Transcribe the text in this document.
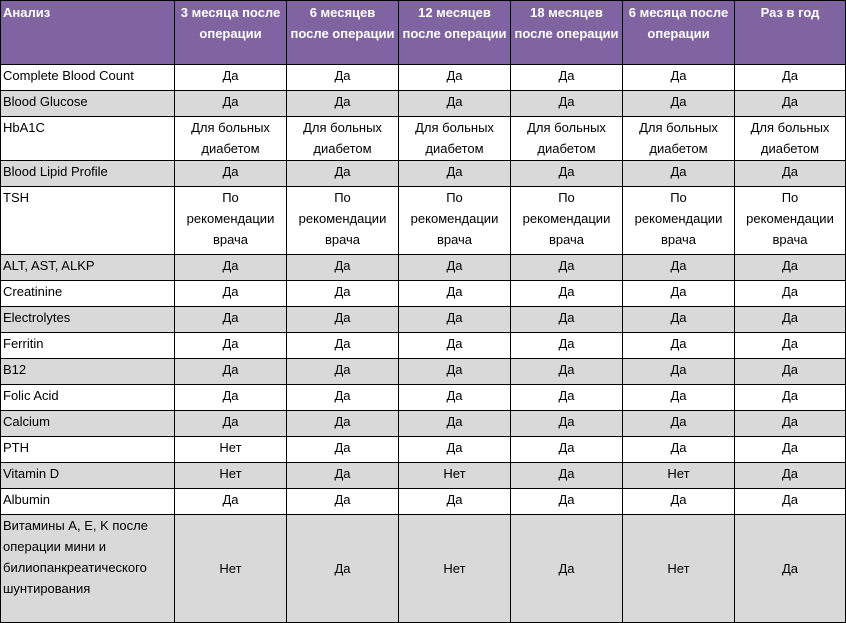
Анализ	3 месяца после операции	6 месяцев после операции	12 месяцев после операции	18 месяцев после операции	6 месяца после операции	Раз в год
Complete Blood Count	Да	Да	Да	Да	Да	Да
Blood Glucose	Да	Да	Да	Да	Да	Да
HbA1C	Для больных диабетом	Для больных диабетом	Для больных диабетом	Для больных диабетом	Для больных диабетом	Для больных диабетом
Blood Lipid Profile	Да	Да	Да	Да	Да	Да
TSH	По рекомендации врача	По рекомендации врача	По рекомендации врача	По рекомендации врача	По рекомендации врача	По рекомендации врача
ALT, AST, ALKP	Да	Да	Да	Да	Да	Да
Creatinine	Да	Да	Да	Да	Да	Да
Electrolytes	Да	Да	Да	Да	Да	Да
Ferritin	Да	Да	Да	Да	Да	Да
B12	Да	Да	Да	Да	Да	Да
Folic Acid	Да	Да	Да	Да	Да	Да
Calcium	Да	Да	Да	Да	Да	Да
PTH	Нет	Да	Да	Да	Да	Да
Vitamin D	Нет	Да	Нет	Да	Нет	Да
Albumin	Да	Да	Да	Да	Да	Да
Витамины A, E, K после операции мини и билиопанкреатического шунтирования	Нет	Да	Нет	Да	Нет	Да
